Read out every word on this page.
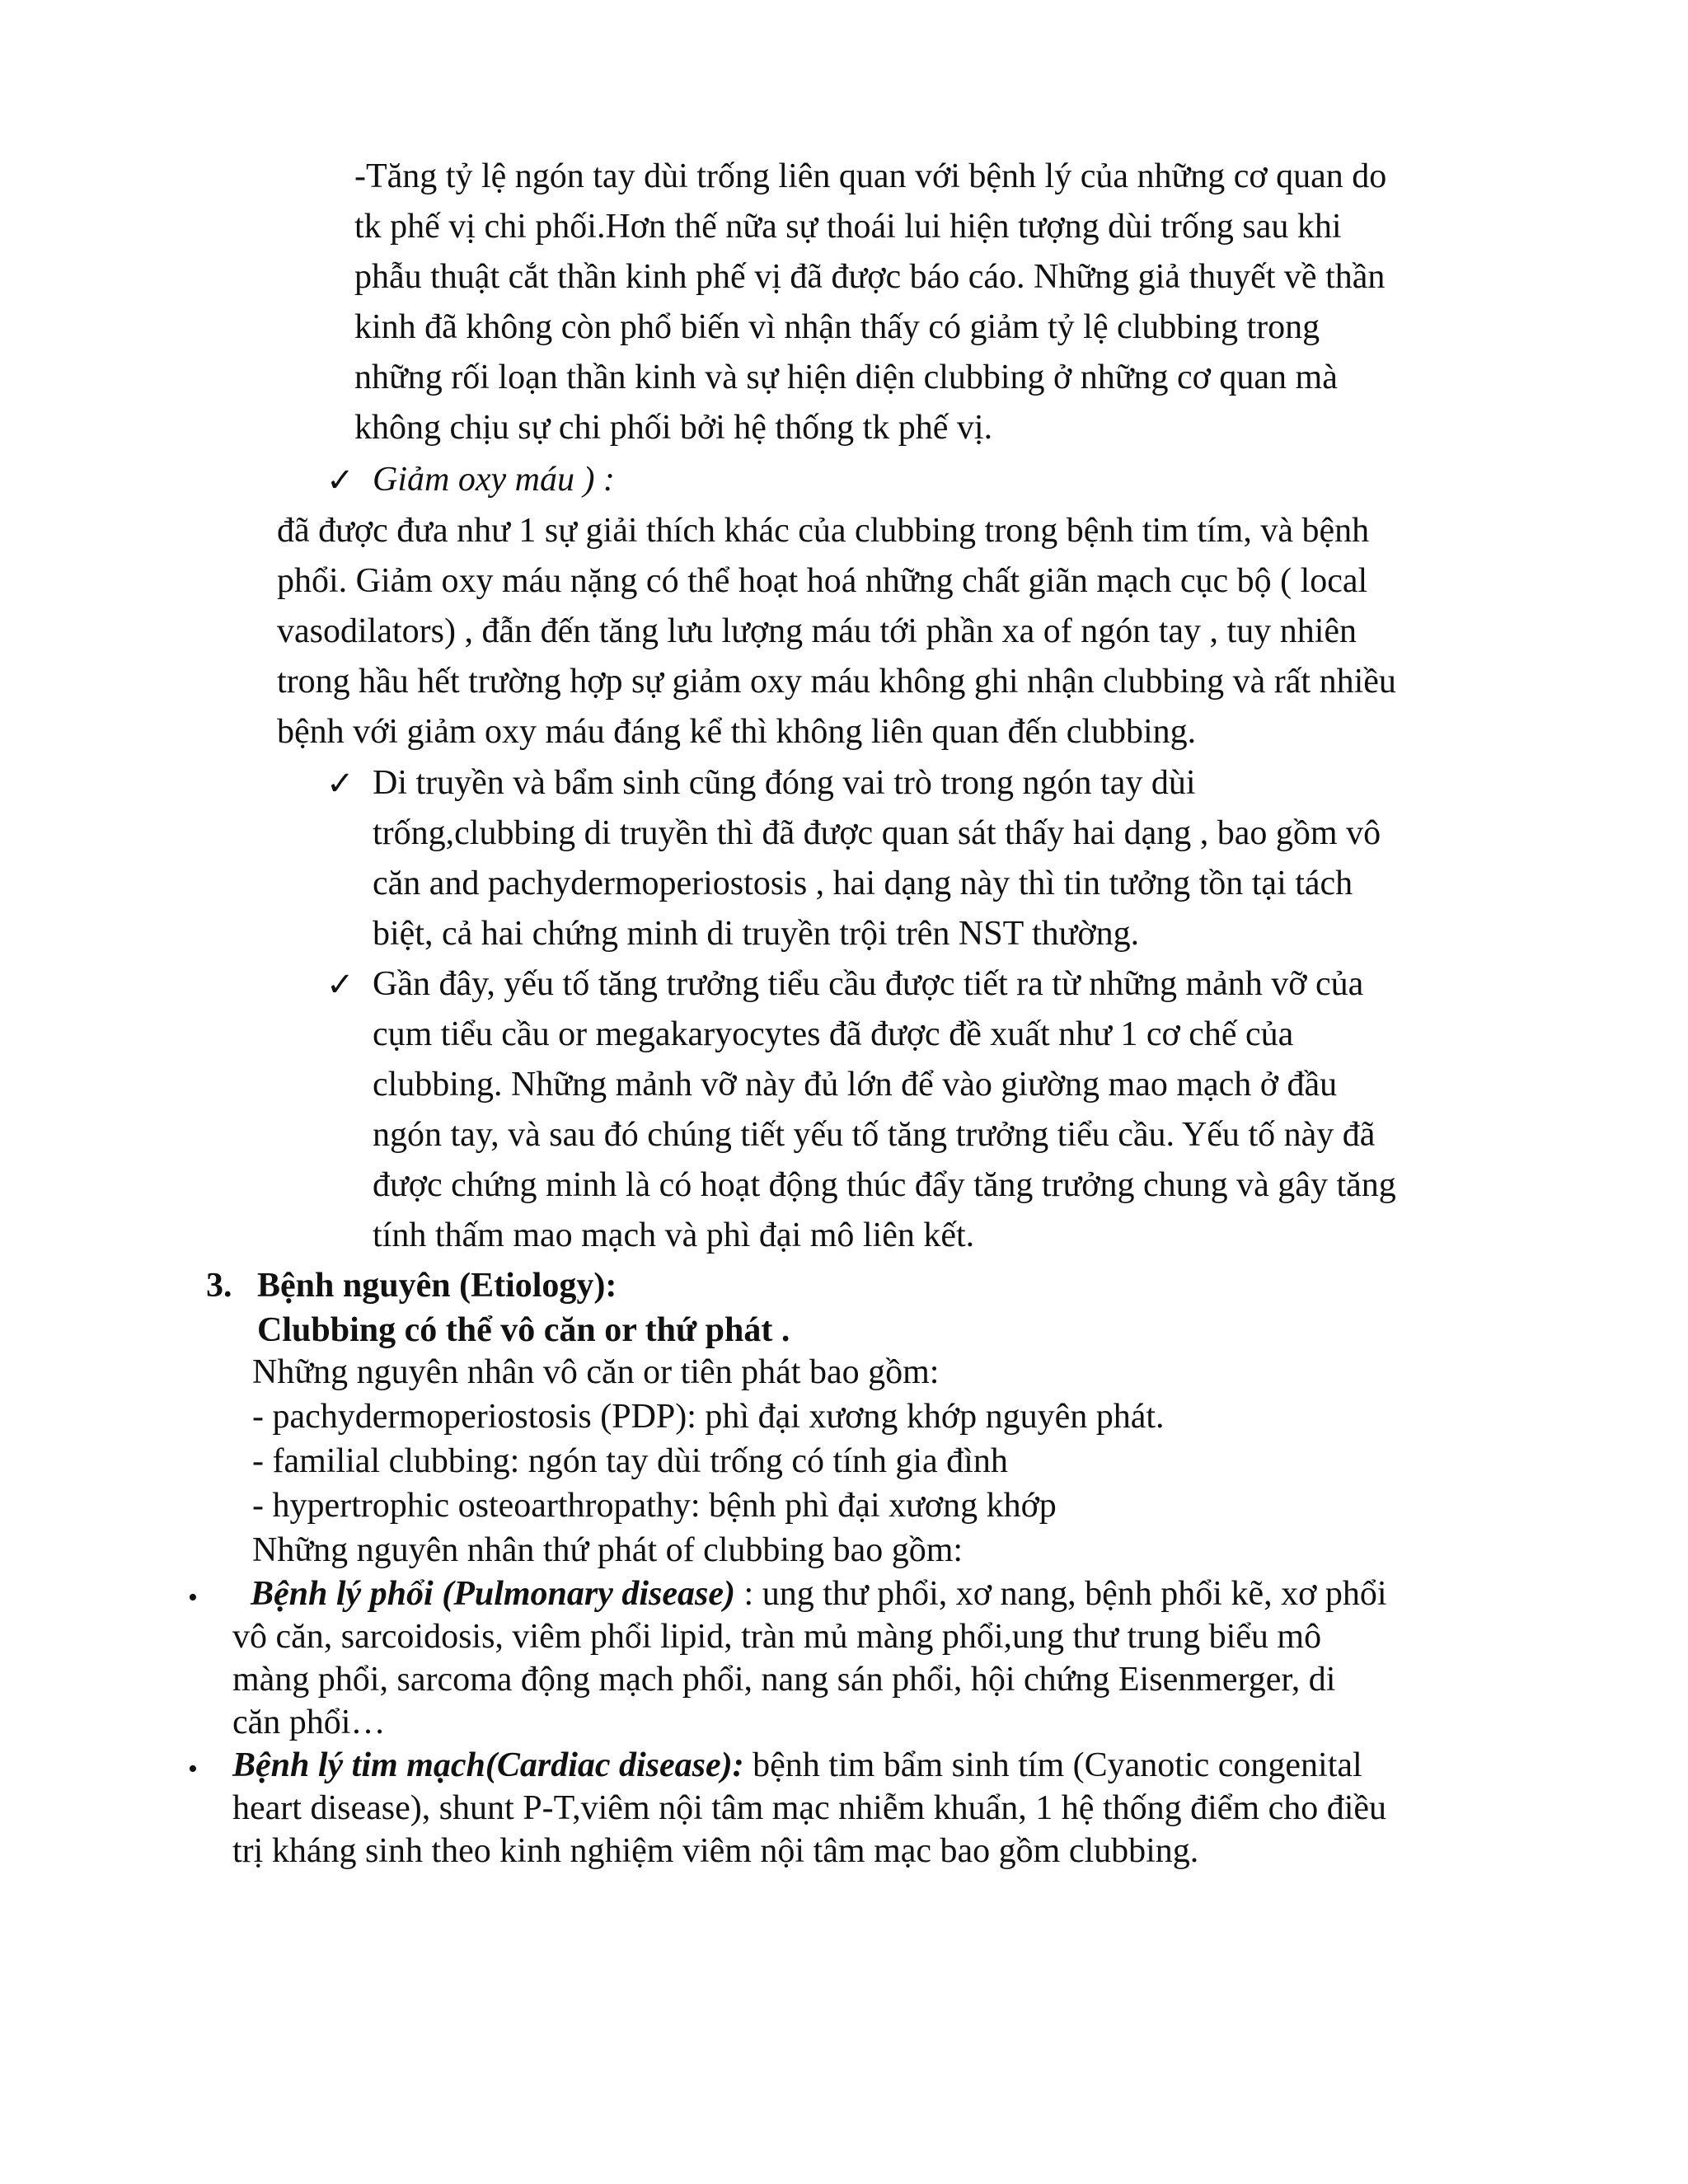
-Tăng tỷ lệ ngón tay dùi trống liên quan với bệnh lý của những cơ quan do
tk phế vị chi phối.Hơn thế nữa sự thoái lui hiện tượng dùi trống sau khi
phẫu thuật cắt thần kinh phế vị đã được báo cáo. Những giả thuyết về thần
kinh đã không còn phổ biến vì nhận thấy có giảm tỷ lệ clubbing trong
những rối loạn thần kinh và sự hiện diện clubbing ở những cơ quan mà
không chịu sự chi phối bởi hệ thống tk phế vị.
✓ Giảm oxy máu ) :
đã được đưa như 1 sự giải thích khác của clubbing trong bệnh tim tím, và bệnh
phổi. Giảm oxy máu nặng có thể hoạt hoá những chất giãn mạch cục bộ ( local
vasodilators) , đẫn đến tăng lưu lượng máu tới phần xa of ngón tay , tuy nhiên
trong hầu hết trường hợp sự giảm oxy máu không ghi nhận clubbing và rất nhiều
bệnh với giảm oxy máu đáng kể thì không liên quan đến clubbing.
✓ Di truyền và bẩm sinh cũng đóng vai trò trong ngón tay dùi
trống,clubbing di truyền thì đã được quan sát thấy hai dạng , bao gồm vô
căn and pachydermoperiostosis , hai dạng này thì tin tưởng tồn tại tách
biệt, cả hai chứng minh di truyền trội trên NST thường.
✓ Gần đây, yếu tố tăng trưởng tiểu cầu được tiết ra từ những mảnh vỡ của
cụm tiểu cầu or megakaryocytes đã được đề xuất như 1 cơ chế của
clubbing. Những mảnh vỡ này đủ lớn để vào giường mao mạch ở đầu
ngón tay, và sau đó chúng tiết yếu tố tăng trưởng tiểu cầu. Yếu tố này đã
được chứng minh là có hoạt động thúc đẩy tăng trưởng chung và gây tăng
tính thấm mao mạch và phì đại mô liên kết.
3. Bệnh nguyên (Etiology):
Clubbing có thể vô căn or thứ phát .
Những nguyên nhân vô căn or tiên phát bao gồm:
- pachydermoperiostosis (PDP): phì đại xương khớp nguyên phát.
- familial clubbing: ngón tay dùi trống có tính gia đình
- hypertrophic osteoarthropathy: bệnh phì đại xương khớp
Những nguyên nhân thứ phát of clubbing bao gồm:
•	Bệnh lý phổi (Pulmonary disease) : ung thư phổi, xơ nang, bệnh phổi kẽ, xơ phổi
vô căn, sarcoidosis, viêm phổi lipid, tràn mủ màng phổi,ung thư trung biểu mô
màng phổi, sarcoma động mạch phổi, nang sán phổi, hội chứng Eisenmerger, di
căn phổi…
• Bệnh lý tim mạch(Cardiac disease): bệnh tim bẩm sinh tím (Cyanotic congenital
heart disease), shunt P-T,viêm nội tâm mạc nhiễm khuẩn, 1 hệ thống điểm cho điều
trị kháng sinh theo kinh nghiệm viêm nội tâm mạc bao gồm clubbing.
